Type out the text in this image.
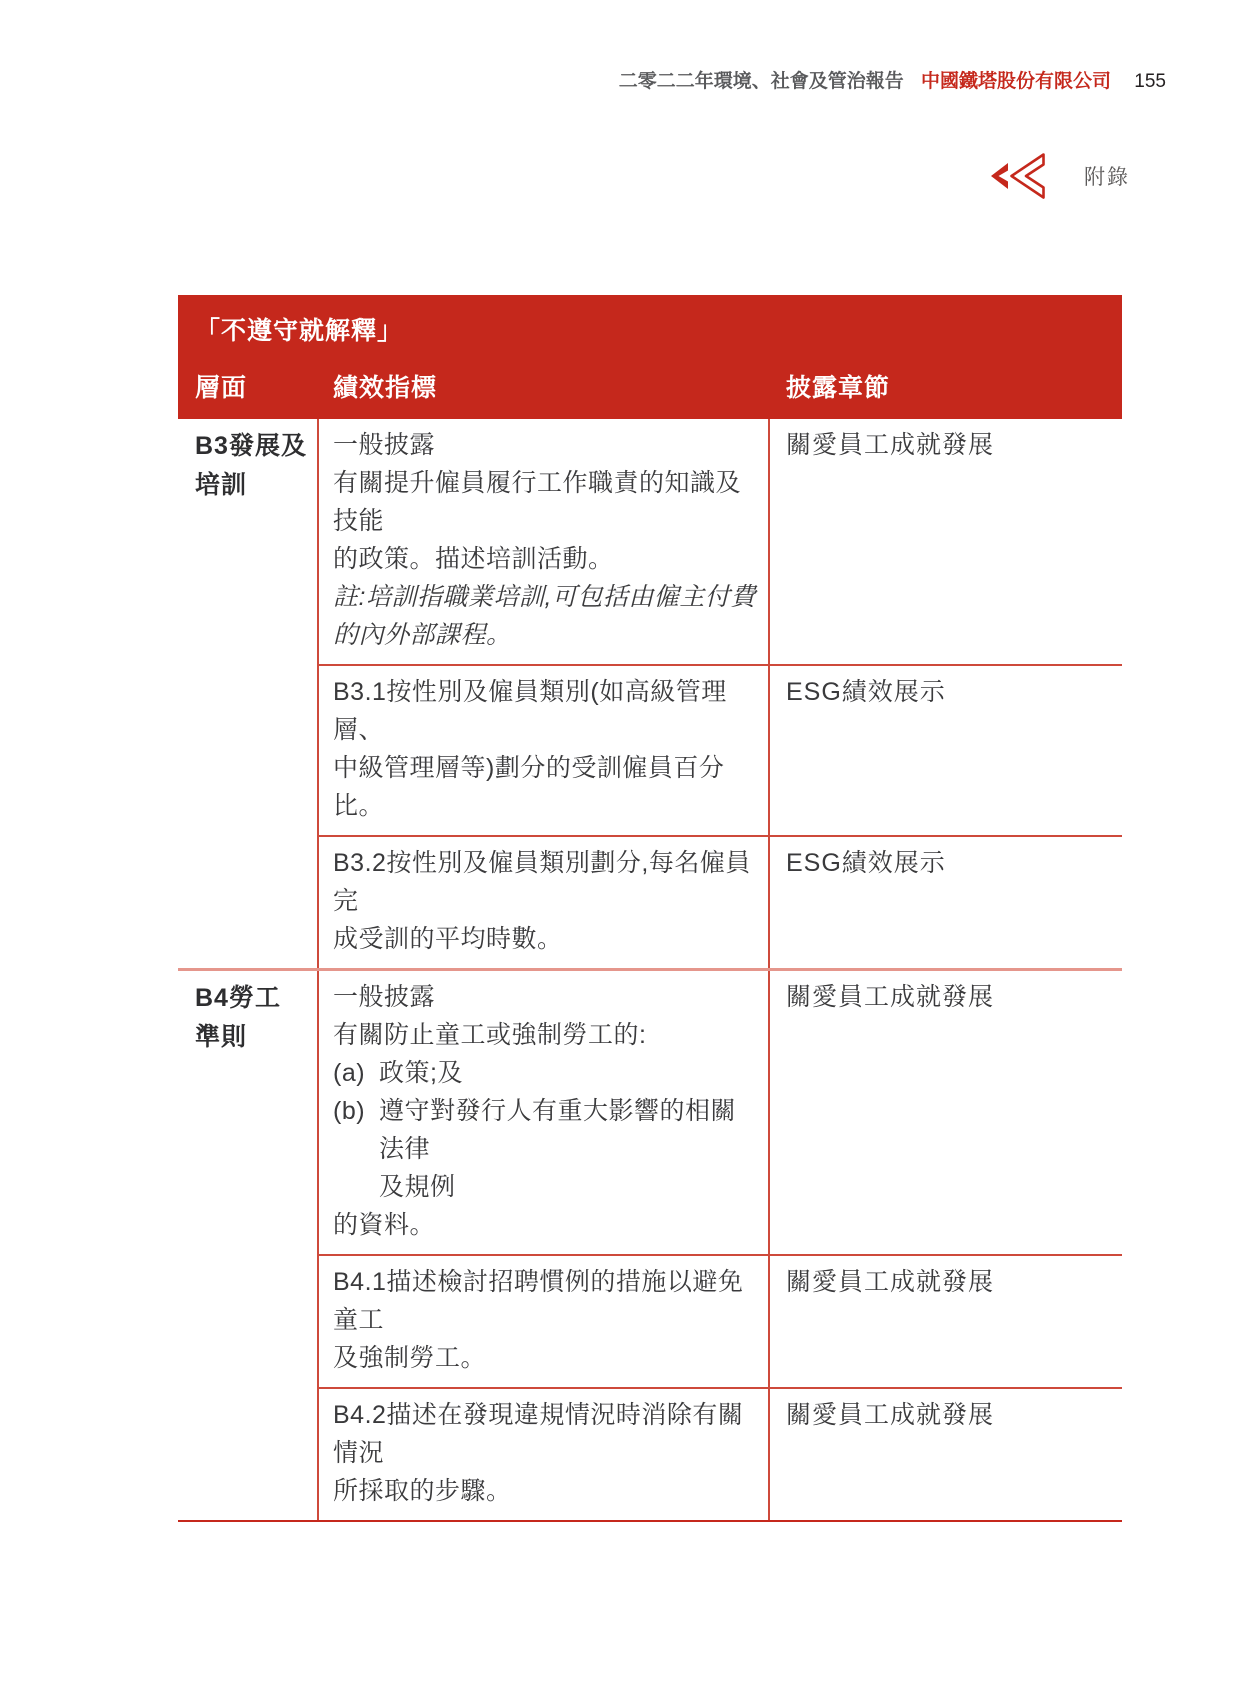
二零二二年環境、社會及管治報告 中國鐵塔股份有限公司 155
附錄
「不遵守就解釋」
層面	績效指標	披露章節
B3發展及
培訓
一般披露
有關提升僱員履行工作職責的知識及技能
的政策。描述培訓活動。
註:培訓指職業培訓,可包括由僱主付費
的內外部課程。
關愛員工成就發展
B3.1按性別及僱員類別(如高級管理層、
中級管理層等)劃分的受訓僱員百分比。
ESG績效展示
B3.2按性別及僱員類別劃分,每名僱員完
成受訓的平均時數。
ESG績效展示
B4勞工
準則
一般披露
有關防止童工或強制勞工的:
(a) 政策;及
(b) 遵守對發行人有重大影響的相關法律
及規例
的資料。
關愛員工成就發展
B4.1描述檢討招聘慣例的措施以避免童工
及強制勞工。
關愛員工成就發展
B4.2描述在發現違規情況時消除有關情況
所採取的步驟。
關愛員工成就發展
